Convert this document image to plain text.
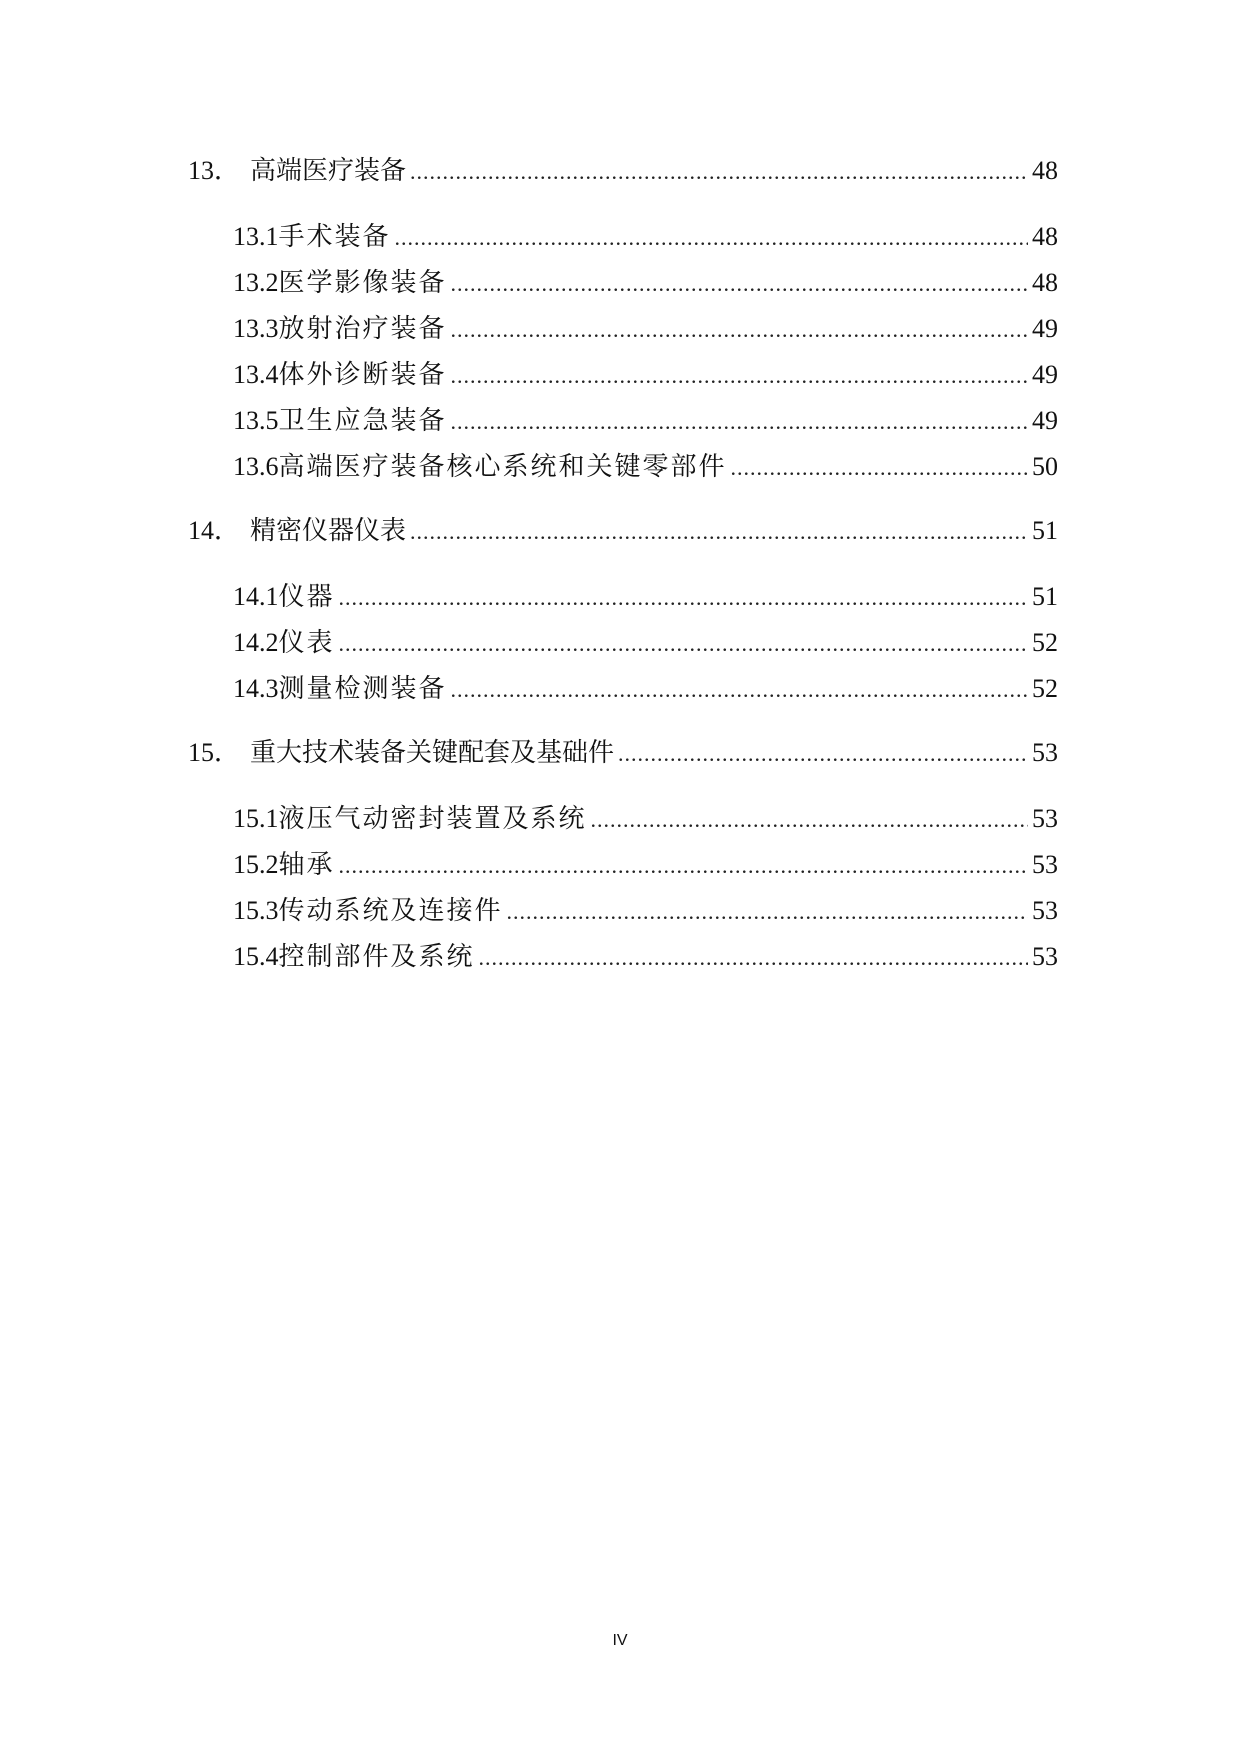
13． 高端医疗装备 .....	48
13.1 手术装备 .....	48
13.2 医学影像装备 .....	48
13.3 放射治疗装备 .....	49
13.4 体外诊断装备 .....	49
13.5 卫生应急装备 .....	49
13.6 高端医疗装备核心系统和关键零部件 .....	50
14． 精密仪器仪表 .....	51
14.1 仪器 .....	51
14.2 仪表 .....	52
14.3 测量检测装备 .....	52
15． 重大技术装备关键配套及基础件 .....	53
15.1 液压气动密封装置及系统 .....	53
15.2 轴承 .....	53
15.3 传动系统及连接件 .....	53
15.4 控制部件及系统 .....	53
IV
